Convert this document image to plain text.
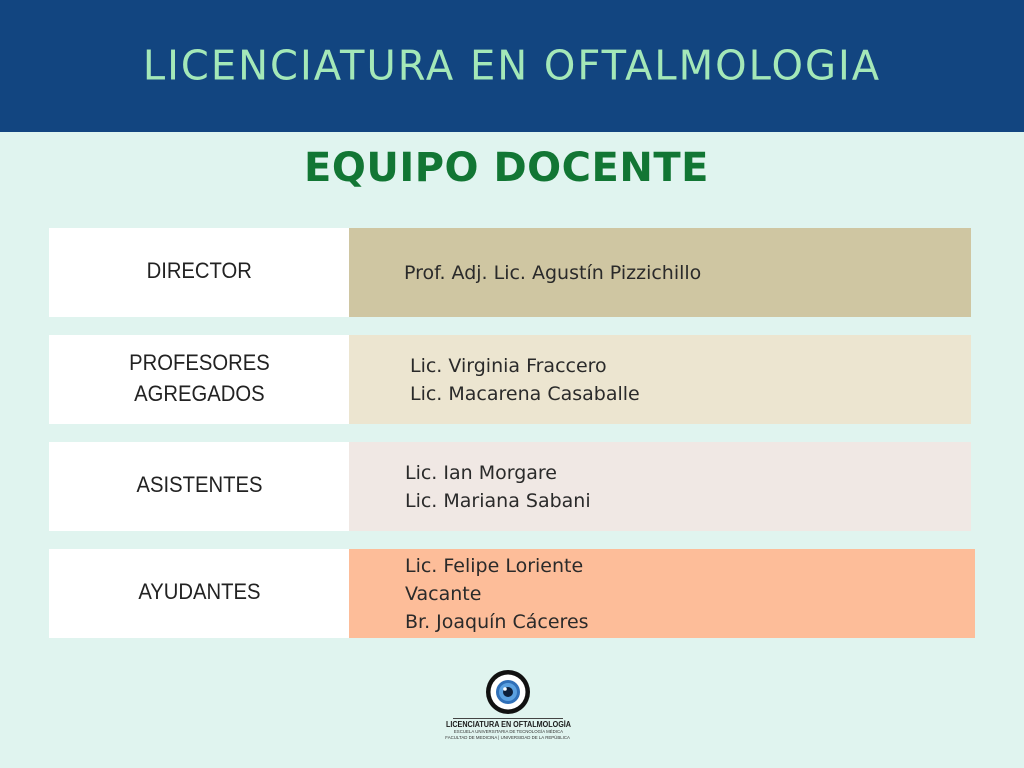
LICENCIATURA EN OFTALMOLOGIA
EQUIPO DOCENTE
DIRECTOR	Prof. Adj. Lic. Agustín Pizzichillo
PROFESORES
AGREGADOS
Lic. Virginia Fraccero
Lic. Macarena Casaballe
ASISTENTES	Lic. Ian Morgare
Lic. Mariana Sabani
AYUDANTES
Lic. Felipe Loriente
Vacante
Br. Joaquín Cáceres
LICENCIATURA EN OFTALMOLOGÍA
ESCUELA UNIVERSITARIA DE TECNOLOGÍA MÉDICA
FACULTAD DE MEDICINA | UNIVERSIDAD DE LA REPÚBLICA
